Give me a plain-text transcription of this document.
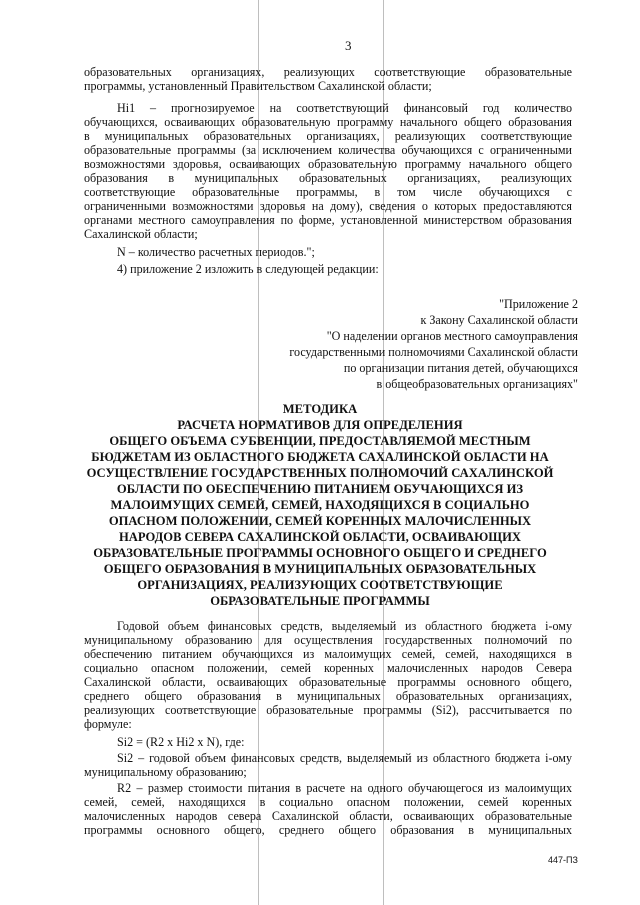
3
образовательных организациях, реализующих соответствующие образовательные
программы, установленный Правительством Сахалинской области;
Нi1 – прогнозируемое на соответствующий финансовый год количество
обучающихся, осваивающих образовательную программу начального общего образования
в муниципальных образовательных организациях, реализующих соответствующие
образовательные программы (за исключением количества обучающихся с ограниченными
возможностями здоровья, осваивающих образовательную программу начального общего
образования в муниципальных образовательных организациях, реализующих
соответствующие образовательные программы, в том числе обучающихся с
ограниченными возможностями здоровья на дому), сведения о которых предоставляются
органами местного самоуправления по форме, установленной министерством образования
Сахалинской области;
N – количество расчетных периодов.";
4) приложение 2 изложить в следующей редакции:
"Приложение 2
к Закону Сахалинской области
"О наделении органов местного самоуправления
государственными полномочиями Сахалинской области
по организации питания детей, обучающихся
в общеобразовательных организациях"
МЕТОДИКА
РАСЧЕТА НОРМАТИВОВ ДЛЯ ОПРЕДЕЛЕНИЯ
ОБЩЕГО ОБЪЕМА СУБВЕНЦИИ, ПРЕДОСТАВЛЯЕМОЙ МЕСТНЫМ
БЮДЖЕТАМ ИЗ ОБЛАСТНОГО БЮДЖЕТА САХАЛИНСКОЙ ОБЛАСТИ НА
ОСУЩЕСТВЛЕНИЕ ГОСУДАРСТВЕННЫХ ПОЛНОМОЧИЙ САХАЛИНСКОЙ
ОБЛАСТИ ПО ОБЕСПЕЧЕНИЮ ПИТАНИЕМ ОБУЧАЮЩИХСЯ ИЗ
МАЛОИМУЩИХ СЕМЕЙ, СЕМЕЙ, НАХОДЯЩИХСЯ В СОЦИАЛЬНО
ОПАСНОМ ПОЛОЖЕНИИ, СЕМЕЙ КОРЕННЫХ МАЛОЧИСЛЕННЫХ
НАРОДОВ СЕВЕРА САХАЛИНСКОЙ ОБЛАСТИ, ОСВАИВАЮЩИХ
ОБРАЗОВАТЕЛЬНЫЕ ПРОГРАММЫ ОСНОВНОГО ОБЩЕГО И СРЕДНЕГО
ОБЩЕГО ОБРАЗОВАНИЯ В МУНИЦИПАЛЬНЫХ ОБРАЗОВАТЕЛЬНЫХ
ОРГАНИЗАЦИЯХ, РЕАЛИЗУЮЩИХ СООТВЕТСТВУЮЩИЕ
ОБРАЗОВАТЕЛЬНЫЕ ПРОГРАММЫ
Годовой объем финансовых средств, выделяемый из областного бюджета i-ому
муниципальному образованию для осуществления государственных полномочий по
обеспечению питанием обучающихся из малоимущих семей, семей, находящихся в
социально опасном положении, семей коренных малочисленных народов Севера
Сахалинской области, осваивающих образовательные программы основного общего,
среднего общего образования в муниципальных образовательных организациях,
реализующих соответствующие образовательные программы (Si2), рассчитывается по
формуле:
Si2 = (R2 x Hi2 x N), где:
Si2 – годовой объем финансовых средств, выделяемый из областного бюджета i-ому
муниципальному образованию;
R2 – размер стоимости питания в расчете на одного обучающегося из малоимущих
семей, семей, находящихся в социально опасном положении, семей коренных
малочисленных народов севера Сахалинской области, осваивающих образовательные
программы основного общего, среднего общего образования в муниципальных
447-ПЗ
